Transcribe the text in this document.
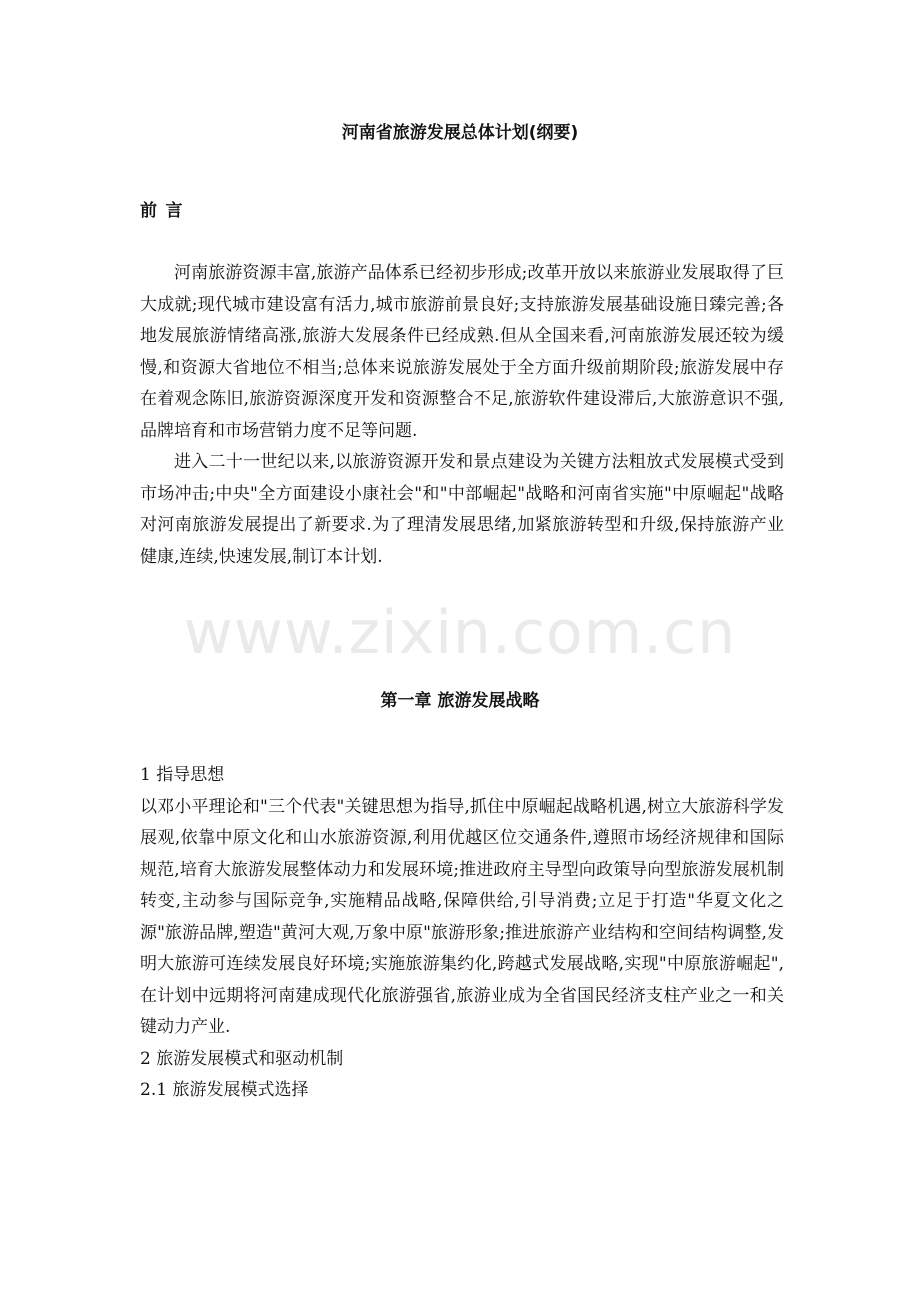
www.zixin.com.cn
河南省旅游发展总体计划(纲要)
前言

河南旅游资源丰富,旅游产品体系已经初步形成;改革开放以来旅游业发展取得了巨大成就;现代城市建设富有活力,城市旅游前景良好;支持旅游发展基础设施日臻完善;各地发展旅游情绪高涨,旅游大发展条件已经成熟.但从全国来看,河南旅游发展还较为缓慢,和资源大省地位不相当;总体来说旅游发展处于全方面升级前期阶段;旅游发展中存在着观念陈旧,旅游资源深度开发和资源整合不足,旅游软件建设滞后,大旅游意识不强,品牌培育和市场营销力度不足等问题.

进入二十一世纪以来,以旅游资源开发和景点建设为关键方法粗放式发展模式受到市场冲击;中央"全方面建设小康社会"和"中部崛起"战略和河南省实施"中原崛起"战略对河南旅游发展提出了新要求.为了理清发展思绪,加紧旅游转型和升级,保持旅游产业健康,连续,快速发展,制订本计划.

第一章 旅游发展战略

1 指导思想

以邓小平理论和"三个代表"关键思想为指导,抓住中原崛起战略机遇,树立大旅游科学发展观,依靠中原文化和山水旅游资源,利用优越区位交通条件,遵照市场经济规律和国际规范,培育大旅游发展整体动力和发展环境;推进政府主导型向政策导向型旅游发展机制转变,主动参与国际竞争,实施精品战略,保障供给,引导消费;立足于打造"华夏文化之源"旅游品牌,塑造"黄河大观,万象中原"旅游形象;推进旅游产业结构和空间结构调整,发明大旅游可连续发展良好环境;实施旅游集约化,跨越式发展战略,实现"中原旅游崛起",在计划中远期将河南建成现代化旅游强省,旅游业成为全省国民经济支柱产业之一和关键动力产业.

2 旅游发展模式和驱动机制

2.1 旅游发展模式选择
